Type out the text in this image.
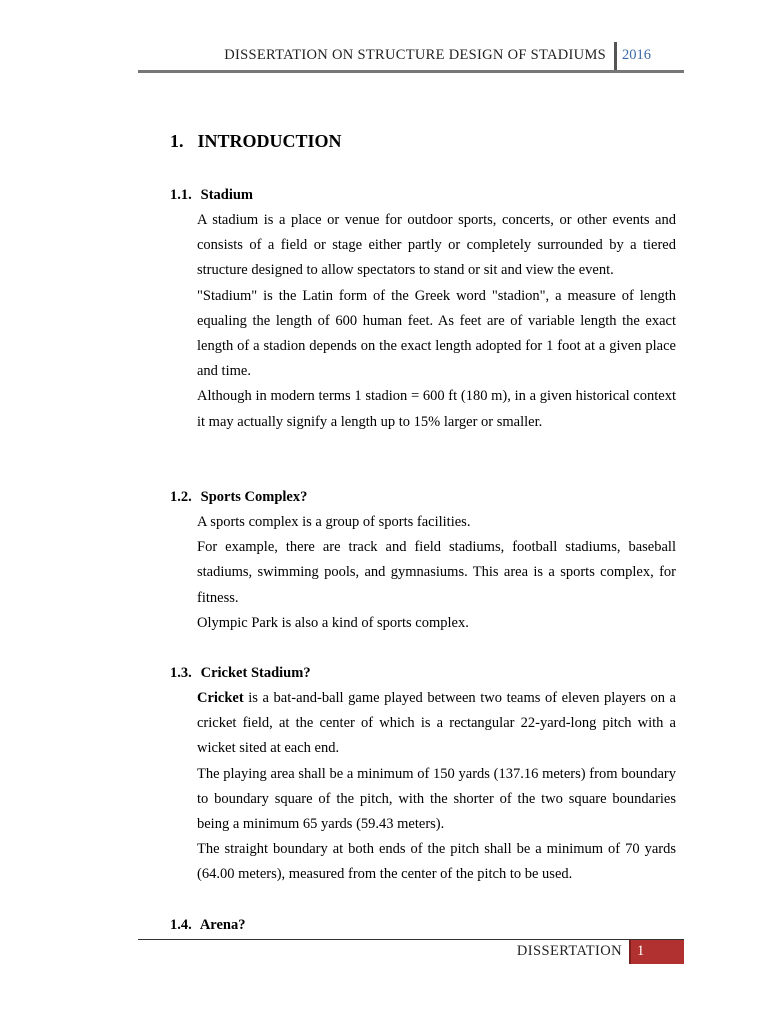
DISSERTATION ON STRUCTURE DESIGN OF STADIUMS 2016
1. INTRODUCTION
1.1. Stadium

A stadium is a place or venue for outdoor sports, concerts, or other events and consists of a field or stage either partly or completely surrounded by a tiered structure designed to allow spectators to stand or sit and view the event.

"Stadium" is the Latin form of the Greek word "stadion", a measure of length equaling the length of 600 human feet. As feet are of variable length the exact length of a stadion depends on the exact length adopted for 1 foot at a given place and time.

Although in modern terms 1 stadion = 600 ft (180 m), in a given historical context it may actually signify a length up to 15% larger or smaller.

1.2. Sports Complex?

A sports complex is a group of sports facilities.

For example, there are track and field stadiums, football stadiums, baseball stadiums, swimming pools, and gymnasiums. This area is a sports complex, for fitness.

Olympic Park is also a kind of sports complex.

1.3. Cricket Stadium?

Cricket is a bat-and-ball game played between two teams of eleven players on a cricket field, at the center of which is a rectangular 22-yard-long pitch with a wicket sited at each end.

The playing area shall be a minimum of 150 yards (137.16 meters) from boundary to boundary square of the pitch, with the shorter of the two square boundaries being a minimum 65 yards (59.43 meters).

The straight boundary at both ends of the pitch shall be a minimum of 70 yards (64.00 meters), measured from the center of the pitch to be used.

1.4. Arena?
DISSERTATION 1
